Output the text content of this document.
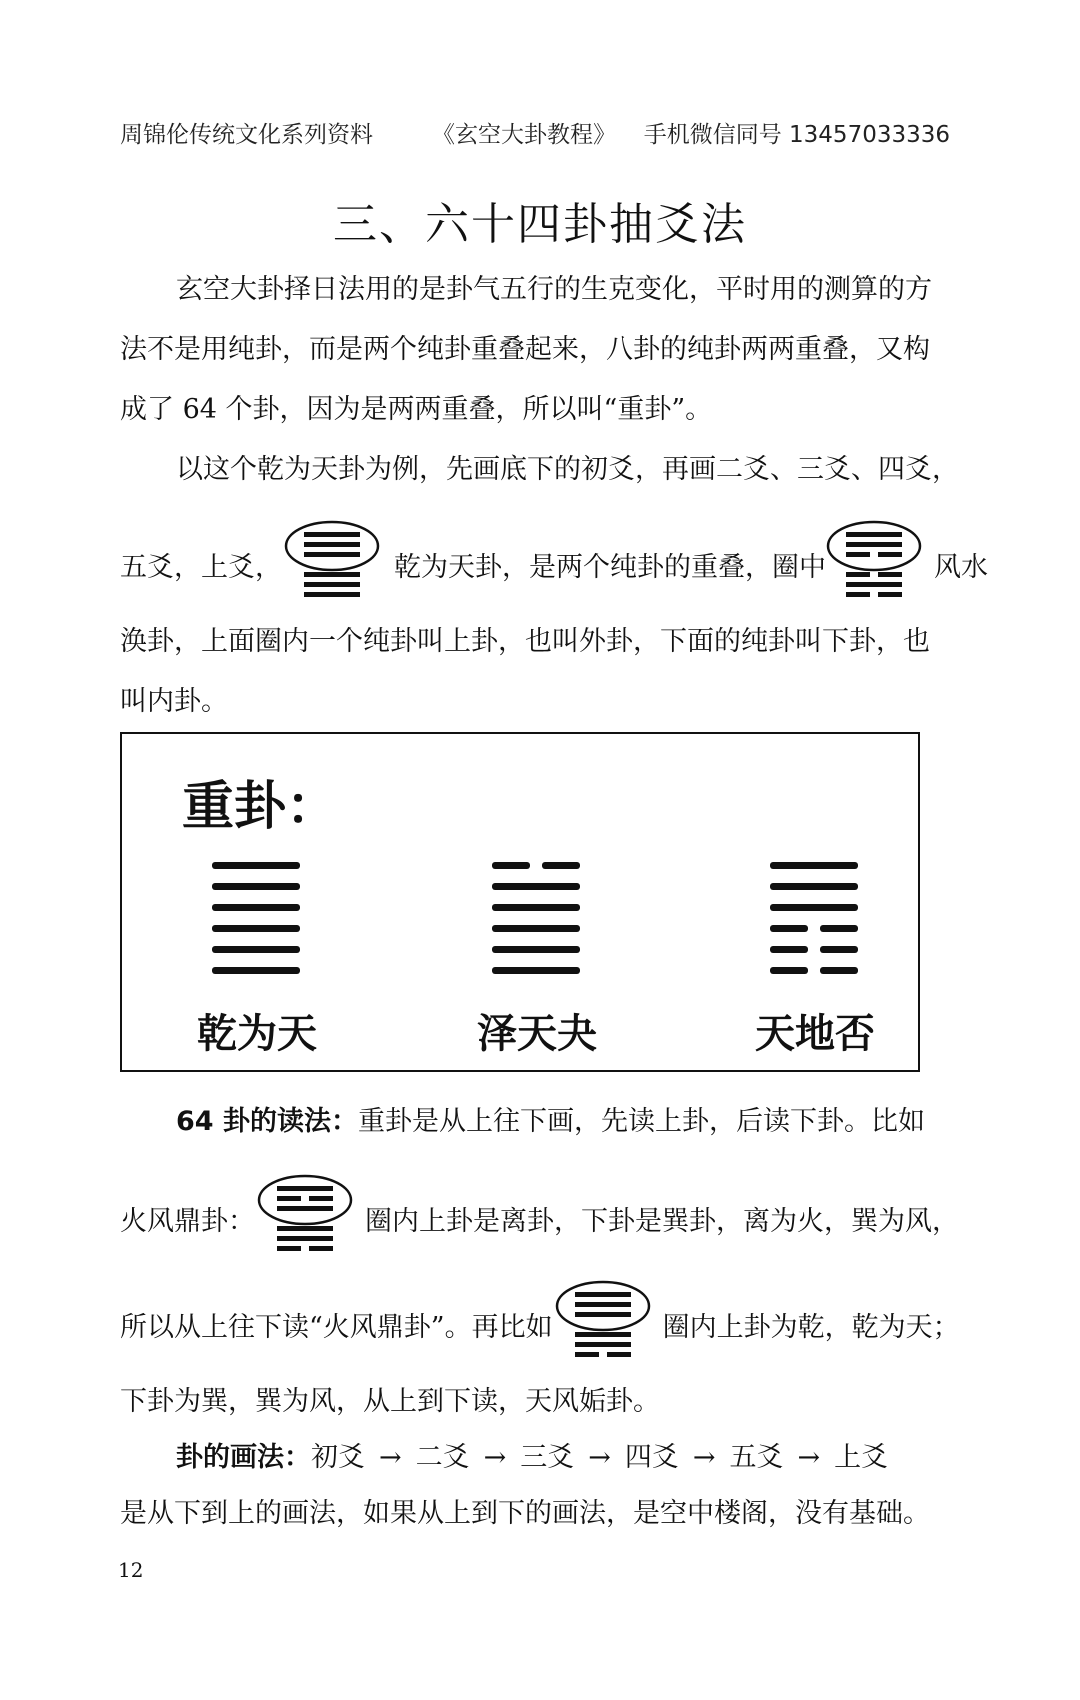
周锦伦传统文化系列资料	《玄空大卦教程》 手机微信同号 13457033336
三、六十四卦抽爻法
玄空大卦择日法用的是卦气五行的生克变化，平时用的测算的方
法不是用纯卦，而是两个纯卦重叠起来，八卦的纯卦两两重叠，又构
成了 64 个卦，因为是两两重叠，所以叫“重卦”。
以这个乾为天卦为例，先画底下的初爻，再画二爻、三爻、四爻，
五爻，上爻，	乾为天卦，是两个纯卦的重叠，圈中	风水
涣卦，上面圈内一个纯卦叫上卦，也叫外卦，下面的纯卦叫下卦，也
叫内卦。
重卦：
乾为天	泽天夬	天地否
64 卦的读法：重卦是从上往下画，先读上卦，后读下卦。比如
火风鼎卦：	圈内上卦是离卦，下卦是巽卦，离为火，巽为风，
所以从上往下读“火风鼎卦”。再比如	圈内上卦为乾，乾为天；
下卦为巽，巽为风，从上到下读，天风姤卦。
卦的画法：初爻 → 二爻 → 三爻 → 四爻 → 五爻 → 上爻
是从下到上的画法，如果从上到下的画法，是空中楼阁，没有基础。
12
